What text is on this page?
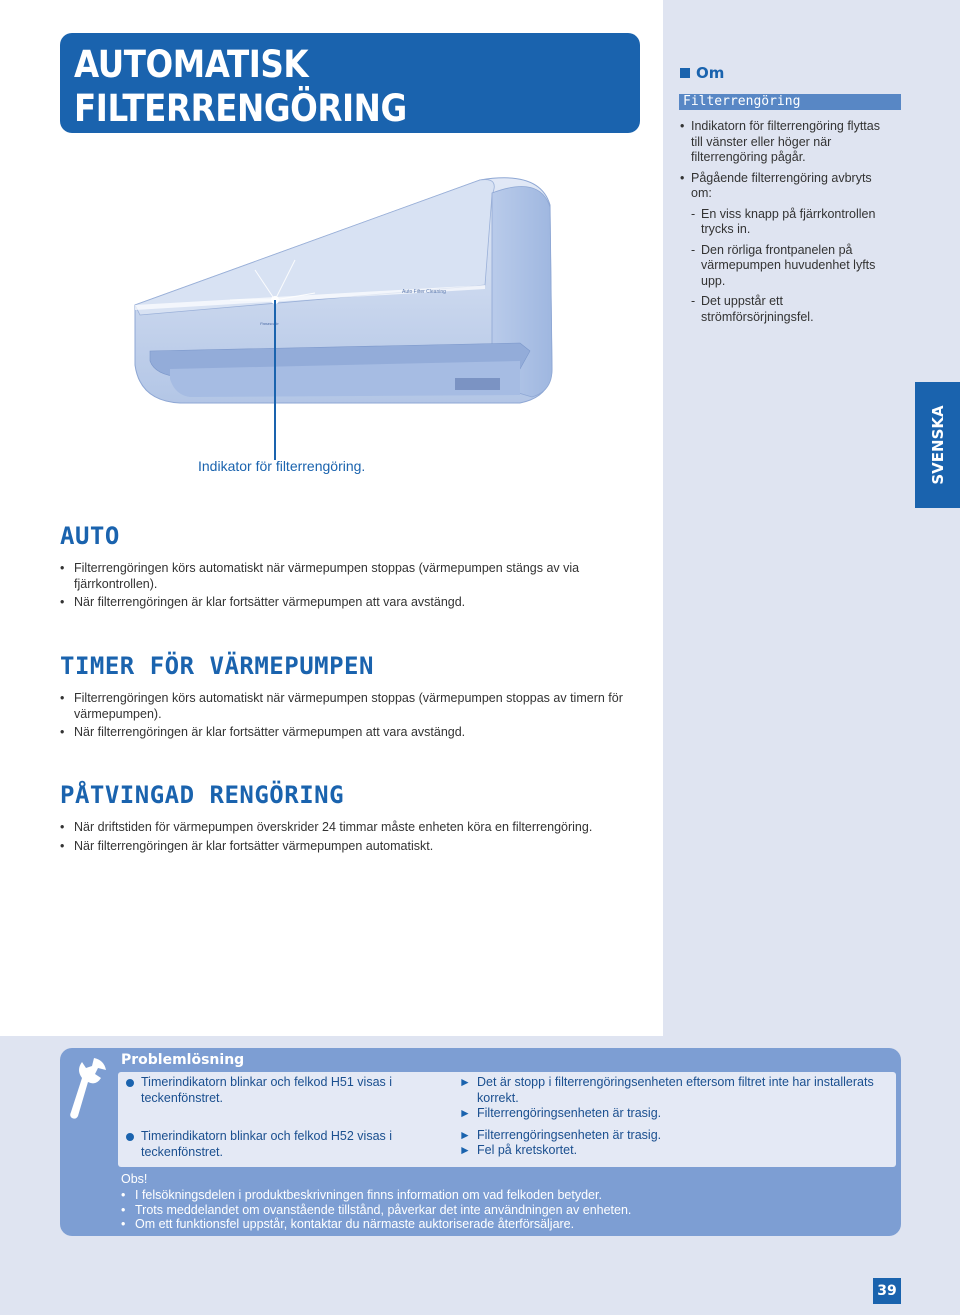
AUTOMATISK
FILTERRENGÖRING
Om
Filterrengöring
• Indikatorn för filterrengöring flyttas till vänster eller höger när filterrengöring pågår.
• Pågående filterrengöring avbryts om:
- En viss knapp på fjärrkontrollen trycks in.
- Den rörliga frontpanelen på värmepumpen huvudenhet lyfts upp.
- Det uppstår ett strömförsörjningsfel.
SVENSKA
Auto Filter Cleaning
Panasonic
Indikator för filterrengöring.
AUTO
• Filterrengöringen körs automatiskt när värmepumpen stoppas (värmepumpen stängs av via fjärrkontrollen).
• När filterrengöringen är klar fortsätter värmepumpen att vara avstängd.
TIMER FÖR VÄRMEPUMPEN
• Filterrengöringen körs automatiskt när värmepumpen stoppas (värmepumpen stoppas av timern för värmepumpen).
• När filterrengöringen är klar fortsätter värmepumpen att vara avstängd.
PÅTVINGAD RENGÖRING
• När driftstiden för värmepumpen överskrider 24 timmar måste enheten köra en filterrengöring.
• När filterrengöringen är klar fortsätter värmepumpen automatiskt.
Problemlösning
Timerindikatorn blinkar och felkod H51 visas i teckenfönstret.
Timerindikatorn blinkar och felkod H52 visas i teckenfönstret.
► Det är stopp i filterrengöringsenheten eftersom filtret inte har installerats korrekt.
► Filterrengöringsenheten är trasig.
► Filterrengöringsenheten är trasig.
► Fel på kretskortet.
Obs!
• I felsökningsdelen i produktbeskrivningen finns information om vad felkoden betyder.
• Trots meddelandet om ovanstående tillstånd, påverkar det inte användningen av enheten.
• Om ett funktionsfel uppstår, kontaktar du närmaste auktoriserade återförsäljare.
39
